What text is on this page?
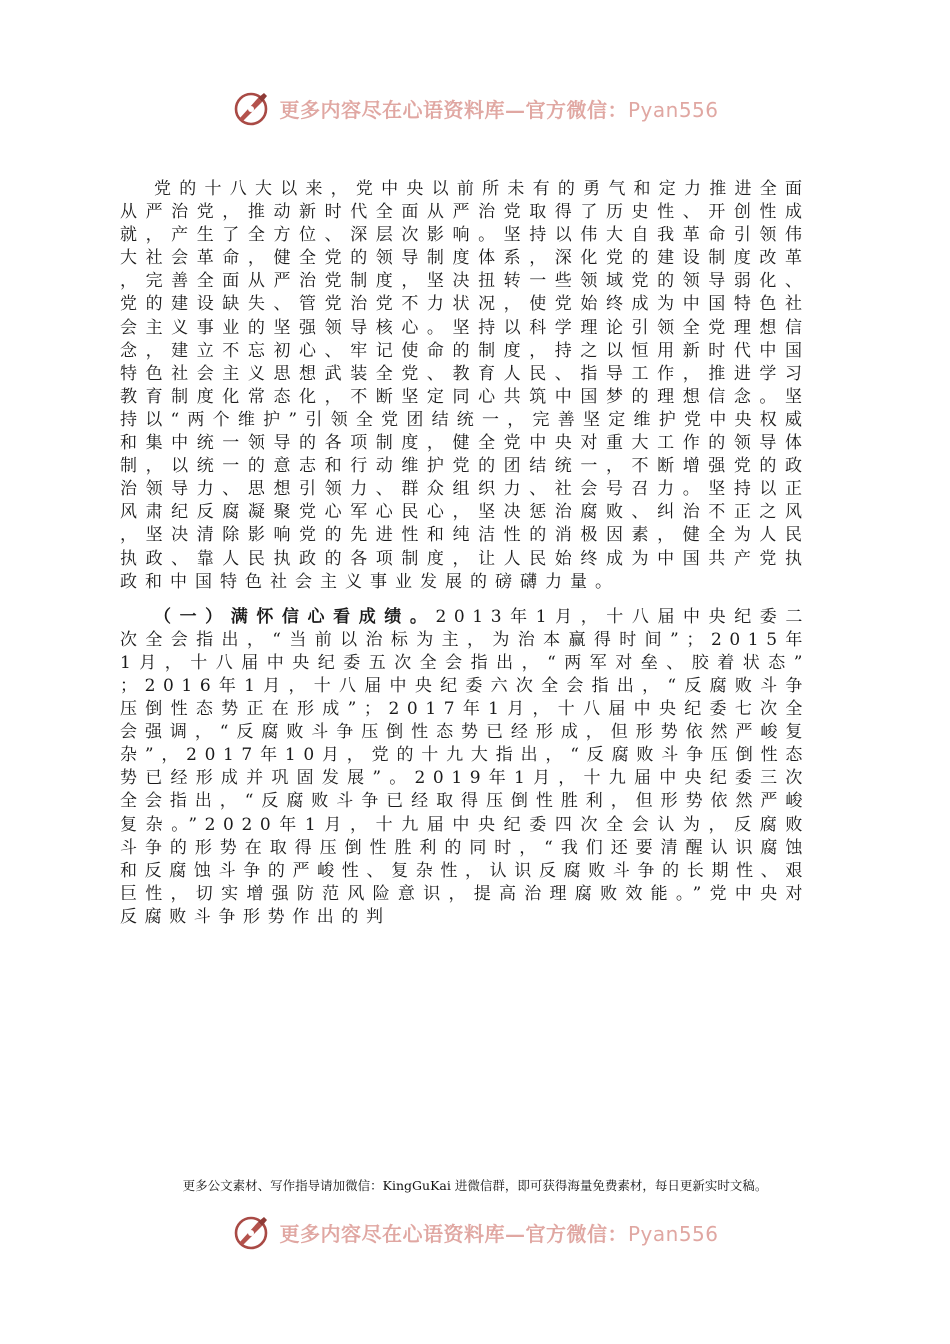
更多内容尽在心语资料库—官方微信：Pyan556

党的十八大以来，党中央以前所未有的勇气和定力推进全面从严治党，推动新时代全面从严治党取得了历史性、开创性成就，产生了全方位、深层次影响。坚持以伟大自我革命引领伟大社会革命，健全党的领导制度体系，深化党的建设制度改革，完善全面从严治党制度，坚决扭转一些领域党的领导弱化、党的建设缺失、管党治党不力状况，使党始终成为中国特色社会主义事业的坚强领导核心。坚持以科学理论引领全党理想信念，建立不忘初心、牢记使命的制度，持之以恒用新时代中国特色社会主义思想武装全党、教育人民、指导工作，推进学习教育制度化常态化，不断坚定同心共筑中国梦的理想信念。坚持以“两个维护”引领全党团结统一，完善坚定维护党中央权威和集中统一领导的各项制度，健全党中央对重大工作的领导体制，以统一的意志和行动维护党的团结统一，不断增强党的政治领导力、思想引领力、群众组织力、社会号召力。坚持以正风肃纪反腐凝聚党心军心民心，坚决惩治腐败、纠治不正之风，坚决清除影响党的先进性和纯洁性的消极因素，健全为人民执政、靠人民执政的各项制度，让人民始终成为中国共产党执政和中国特色社会主义事业发展的磅礴力量。

（一）满怀信心看成绩。2013年1月，十八届中央纪委二次全会指出，“当前以治标为主，为治本赢得时间”；2015年1月，十八届中央纪委五次全会指出，“两军对垒、胶着状态”；2016年1月，十八届中央纪委六次全会指出，“反腐败斗争压倒性态势正在形成”；2017年1月，十八届中央纪委七次全会强调，“反腐败斗争压倒性态势已经形成，但形势依然严峻复杂”，2017年10月，党的十九大指出，“反腐败斗争压倒性态势已经形成并巩固发展”。2019年1月，十九届中央纪委三次全会指出，“反腐败斗争已经取得压倒性胜利，但形势依然严峻复杂。”2020年1月，十九届中央纪委四次全会认为，反腐败斗争的形势在取得压倒性胜利的同时，“我们还要清醒认识腐蚀和反腐蚀斗争的严峻性、复杂性，认识反腐败斗争的长期性、艰巨性，切实增强防范风险意识，提高治理腐败效能。”党中央对反腐败斗争形势作出的判

更多公文素材、写作指导请加微信：KingGuKai 进微信群，即可获得海量免费素材，每日更新实时文稿。
更多内容尽在心语资料库—官方微信：Pyan556
